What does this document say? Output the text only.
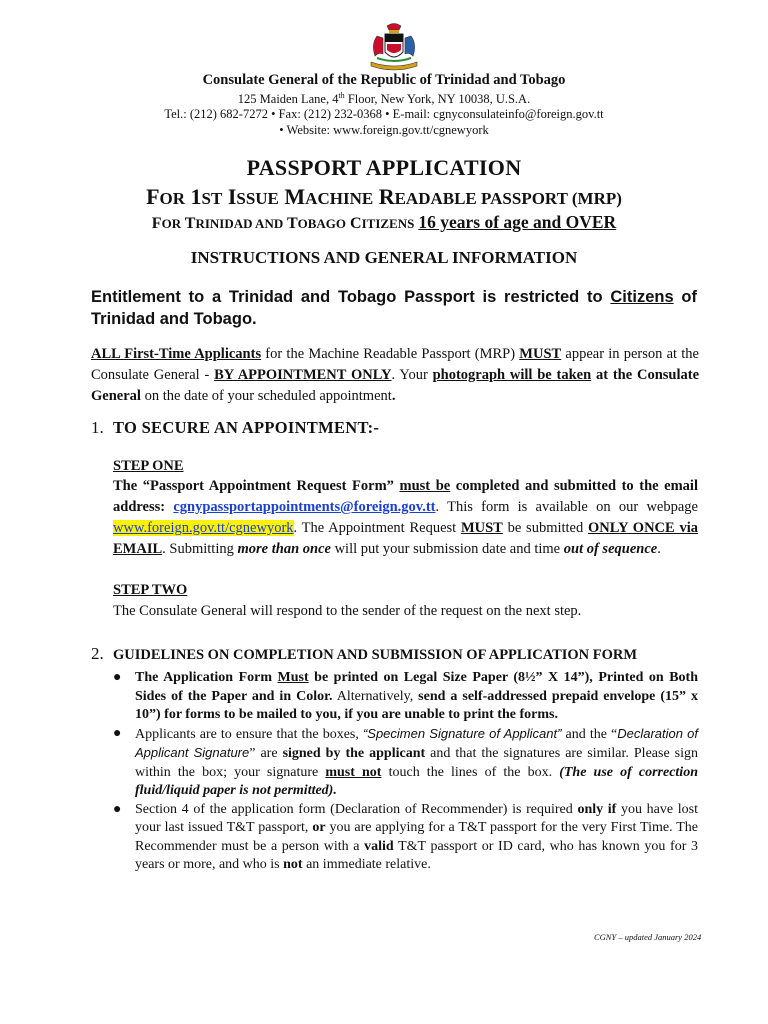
Consulate General of the Republic of Trinidad and Tobago
125 Maiden Lane, 4th Floor, New York, NY 10038, U.S.A.
Tel.: (212) 682-7272 • Fax: (212) 232-0368 • E-mail: cgnyconsulateinfo@foreign.gov.tt
• Website: www.foreign.gov.tt/cgnewyork
PASSPORT APPLICATION
FOR 1ST ISSUE MACHINE READABLE PASSPORT (MRP)
FOR TRINIDAD AND TOBAGO CITIZENS 16 years of age and OVER
INSTRUCTIONS AND GENERAL INFORMATION
Entitlement to a Trinidad and Tobago Passport is restricted to Citizens of Trinidad and Tobago.
ALL First-Time Applicants for the Machine Readable Passport (MRP) MUST appear in person at the Consulate General - BY APPOINTMENT ONLY. Your photograph will be taken at the Consulate General on the date of your scheduled appointment.
1. TO SECURE AN APPOINTMENT:-
STEP ONE
The “Passport Appointment Request Form” must be completed and submitted to the email address: cgnypassportappointments@foreign.gov.tt. This form is available on our webpage www.foreign.gov.tt/cgnewyork. The Appointment Request MUST be submitted ONLY ONCE via EMAIL. Submitting more than once will put your submission date and time out of sequence.
STEP TWO
The Consulate General will respond to the sender of the request on the next step.
2. GUIDELINES ON COMPLETION AND SUBMISSION OF APPLICATION FORM
● The Application Form Must be printed on Legal Size Paper (8½” X 14”), Printed on Both Sides of the Paper and in Color. Alternatively, send a self-addressed prepaid envelope (15” x 10”) for forms to be mailed to you, if you are unable to print the forms.
● Applicants are to ensure that the boxes, “Specimen Signature of Applicant” and the “Declaration of Applicant Signature” are signed by the applicant and that the signatures are similar. Please sign within the box; your signature must not touch the lines of the box. (The use of correction fluid/liquid paper is not permitted).
● Section 4 of the application form (Declaration of Recommender) is required only if you have lost your last issued T&T passport, or you are applying for a T&T passport for the very First Time. The Recommender must be a person with a valid T&T passport or ID card, who has known you for 3 years or more, and who is not an immediate relative.
CGNY – updated January 2024
